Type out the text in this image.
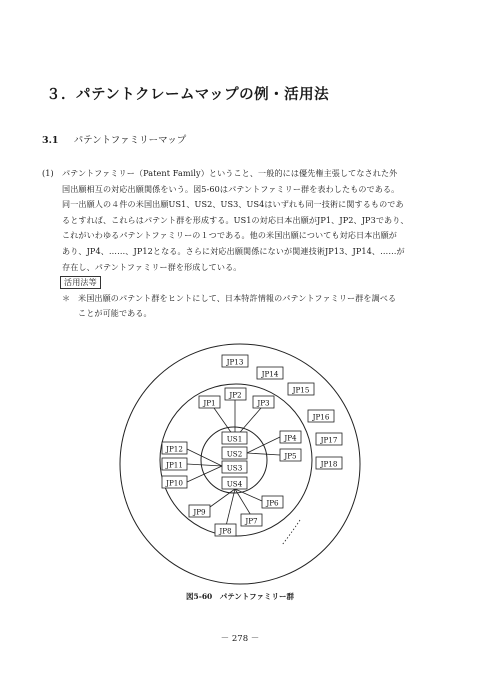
３．パテントクレームマップの例・活用法
3.1 パテントファミリーマップ
(1)　パテントファミリー（Patent Family）ということ、一般的には優先権主張してなされた外
国出願相互の対応出願関係をいう。図5-60はパテントファミリー群を表わしたものである。
同一出願人の４件の米国出願US1、US2、US3、US4はいずれも同一技術に関するものであ
るとすれば、これらはパテント群を形成する。US1の対応日本出願がJP1、JP2、JP3であり、
これがいわゆるパテントファミリーの１つである。他の米国出願についても対応日本出願が
あり、JP4、……、JP12となる。さらに対応出願関係にないが関連技術JP13、JP14、……が
存在し、パテントファミリー群を形成している。
活用法等
＊ 米国出願のパテント群をヒントにして、日本特許情報のパテントファミリー群を調べる
ことが可能である。
JP13
JP14
JP15
JP16
JP17
JP18
JP1
JP2
JP3
JP4
JP5
JP6
JP7
JP8
JP9
JP10
JP11
JP12
US1
US2
US3
US4
図5-60　パテントファミリー群
－ 278 －
